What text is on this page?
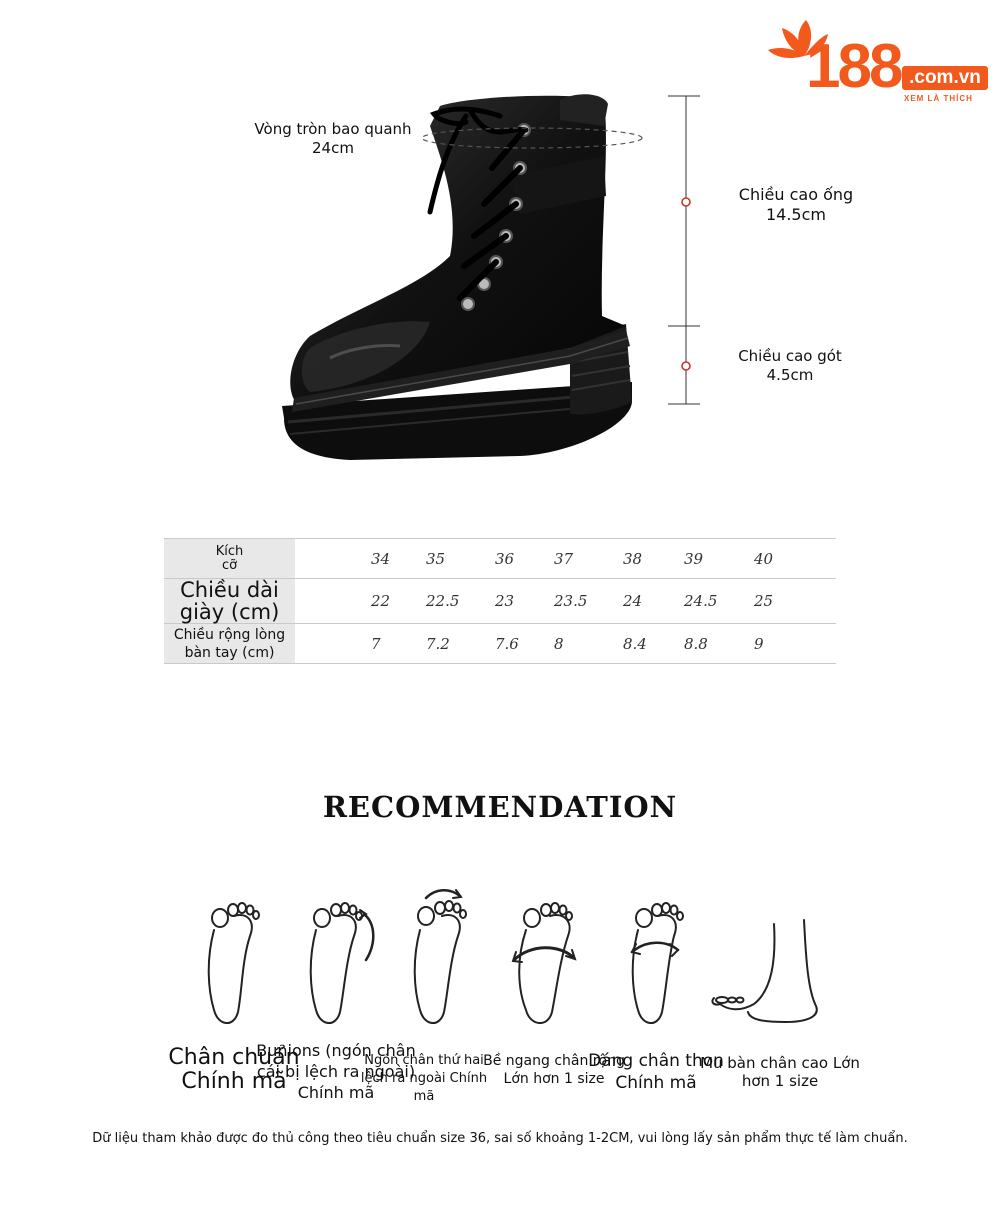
188 .com.vn
XEM LÀ THÍCH
Vòng tròn bao quanh
24cm
Chiều cao ống
14.5cm
Chiều cao gót
4.5cm
Kích
cỡ		34	35	36	37	38	39	40
Chiều dài
giày (cm)		22	22.5	23	23.5	24	24.5	25
Chiều rộng lòng
bàn tay (cm)		7	7.2	7.6	8	8.4	8.8	9
RECOMMENDATION
Chân chuẩn Chính mã
Bunions (ngón chân cái bị lệch ra ngoài) Chính mã
Ngón chân thứ hai lệch ra ngoài Chính mã
Bề ngang chân rộng Lớn hơn 1 size
Dáng chân thon Chính mã
Mu bàn chân cao Lớn hơn 1 size
Dữ liệu tham khảo được đo thủ công theo tiêu chuẩn size 36, sai số khoảng 1-2CM, vui lòng lấy sản phẩm thực tế làm chuẩn.
